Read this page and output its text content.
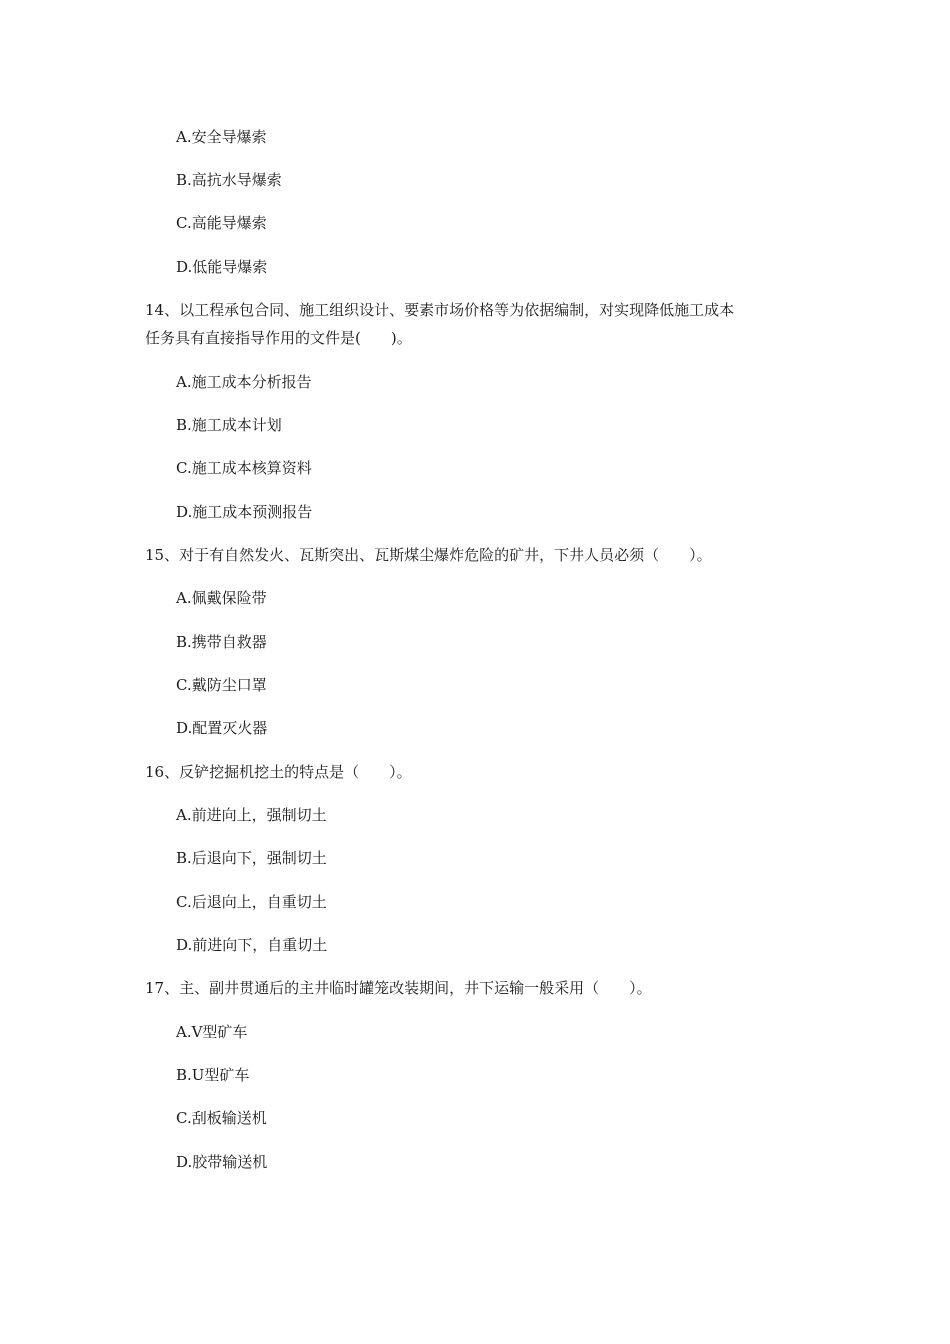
A.安全导爆索
B.高抗水导爆索
C.高能导爆索
D.低能导爆索
14、以工程承包合同、施工组织设计、要素市场价格等为依据编制，对实现降低施工成本
任务具有直接指导作用的文件是(　　)。
A.施工成本分析报告
B.施工成本计划
C.施工成本核算资料
D.施工成本预测报告
15、对于有自然发火、瓦斯突出、瓦斯煤尘爆炸危险的矿井，下井人员必须（　　）。
A.佩戴保险带
B.携带自救器
C.戴防尘口罩
D.配置灭火器
16、反铲挖掘机挖土的特点是（　　）。
A.前进向上，强制切土
B.后退向下，强制切土
C.后退向上，自重切土
D.前进向下，自重切土
17、主、副井贯通后的主井临时罐笼改装期间，井下运输一般采用（　　）。
A.V型矿车
B.U型矿车
C.刮板输送机
D.胶带输送机
